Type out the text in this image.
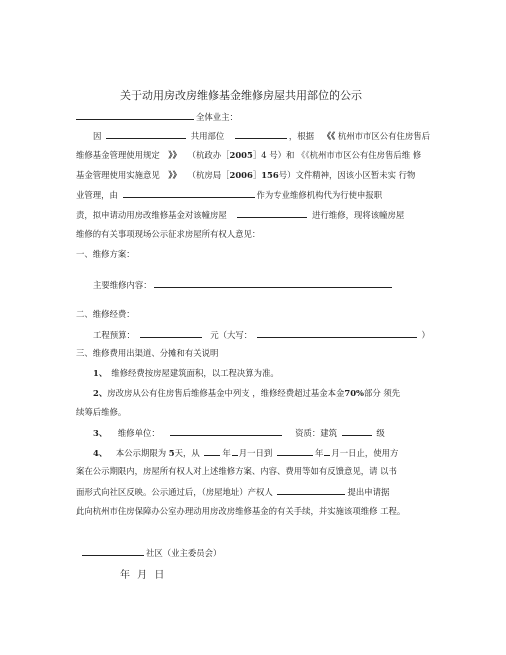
关于动用房改房维修基金维修房屋共用部位的公示
全体业主：
因	共用部位	，根据 《《 杭州市市区公有住房售后
维修基金管理使用规定 》》 （杭政办［2005］4 号）和 《《杭州市市区公有住房售后维 修
基金管理使用实施意见 》》 （杭房局［2006］156号）文件精神，因该小区暂未实 行物
业管理，由	作为专业维修机构代为行使申报职
责，拟申请动用房改维修基金对该幢房屋	进行维修，现将该幢房屋
维修的有关事项现场公示征求房屋所有权人意见：
一、维修方案：
主要维修内容：
二、维修经费：
工程预算：	元（大写：	）
三、维修费用出渠道、分摊和有关说明
1、 维修经费按房屋建筑面积，以工程决算为准。
2、房改房从公有住房售后维修基金中列支 ，维修经费超过基金本金70%部分 须先
续筹后维修。
3、 维修单位：	资质：建筑	级
4、 本公示期限为 5天，从	年 月一日到	年 月一日止，使用方
案在公示期限内，房屋所有权人对上述维修方案、内容、费用等如有反馈意见，请 以书
面形式向社区反映。公示通过后，（房屋地址）产权人	提出申请据
此向杭州市住房保障办公室办理动用房改房维修基金的有关手续，并实施该项维修 工程。
社区（业主委员会）
年 月 日
